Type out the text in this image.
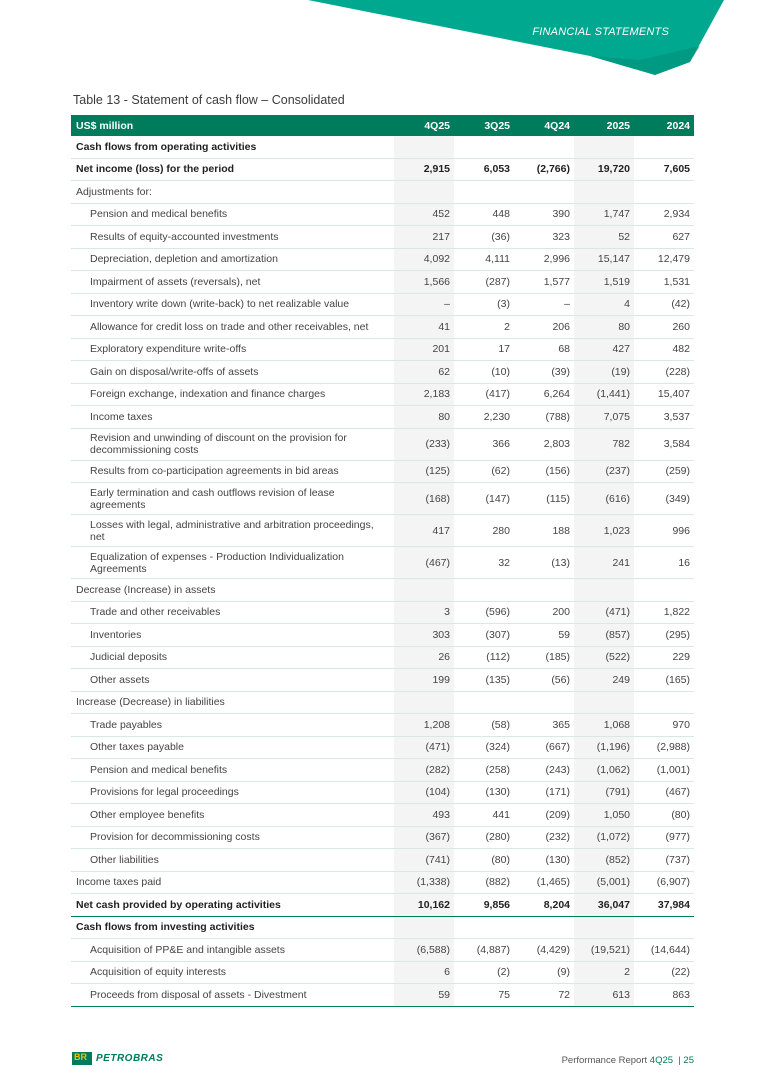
FINANCIAL STATEMENTS
Table 13 - Statement of cash flow – Consolidated
US$ million	4Q25	3Q25	4Q24	2025	2024
Cash flows from operating activities					
Net income (loss) for the period	2,915	6,053	(2,766)	19,720	7,605
Adjustments for:					
Pension and medical benefits	452	448	390	1,747	2,934
Results of equity-accounted investments	217	(36)	323	52	627
Depreciation, depletion and amortization	4,092	4,111	2,996	15,147	12,479
Impairment of assets (reversals), net	1,566	(287)	1,577	1,519	1,531
Inventory write down (write-back) to net realizable value	–	(3)	–	4	(42)
Allowance for credit loss on trade and other receivables, net	41	2	206	80	260
Exploratory expenditure write-offs	201	17	68	427	482
Gain on disposal/write-offs of assets	62	(10)	(39)	(19)	(228)
Foreign exchange, indexation and finance charges	2,183	(417)	6,264	(1,441)	15,407
Income taxes	80	2,230	(788)	7,075	3,537
Revision and unwinding of discount on the provision for decommissioning costs	(233)	366	2,803	782	3,584
Results from co-participation agreements in bid areas	(125)	(62)	(156)	(237)	(259)
Early termination and cash outflows revision of lease agreements	(168)	(147)	(115)	(616)	(349)
Losses with legal, administrative and arbitration proceedings, net	417	280	188	1,023	996
Equalization of expenses - Production Individualization Agreements	(467)	32	(13)	241	16
Decrease (Increase) in assets					
Trade and other receivables	3	(596)	200	(471)	1,822
Inventories	303	(307)	59	(857)	(295)
Judicial deposits	26	(112)	(185)	(522)	229
Other assets	199	(135)	(56)	249	(165)
Increase (Decrease) in liabilities					
Trade payables	1,208	(58)	365	1,068	970
Other taxes payable	(471)	(324)	(667)	(1,196)	(2,988)
Pension and medical benefits	(282)	(258)	(243)	(1,062)	(1,001)
Provisions for legal proceedings	(104)	(130)	(171)	(791)	(467)
Other employee benefits	493	441	(209)	1,050	(80)
Provision for decommissioning costs	(367)	(280)	(232)	(1,072)	(977)
Other liabilities	(741)	(80)	(130)	(852)	(737)
Income taxes paid	(1,338)	(882)	(1,465)	(5,001)	(6,907)
Net cash provided by operating activities	10,162	9,856	8,204	36,047	37,984
Cash flows from investing activities					
Acquisition of PP&E and intangible assets	(6,588)	(4,887)	(4,429)	(19,521)	(14,644)
Acquisition of equity interests	6	(2)	(9)	2	(22)
Proceeds from disposal of assets - Divestment	59	75	72	613	863
BR PETROBRAS	Performance Report 4Q25 | 25
